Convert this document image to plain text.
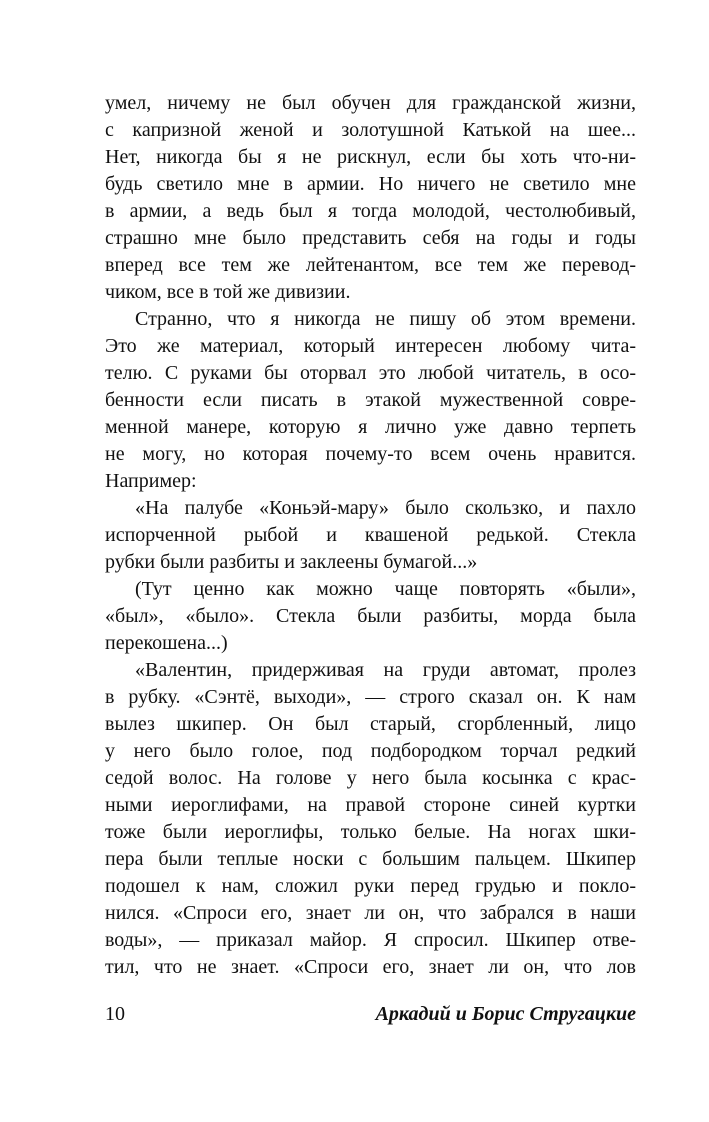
умел, ничему не был обучен для гражданской жизни,
с капризной женой и золотушной Катькой на шее...
Нет, никогда бы я не рискнул, если бы хоть что-ни-
будь светило мне в армии. Но ничего не светило мне
в армии, а ведь был я тогда молодой, честолюбивый,
страшно мне было представить себя на годы и годы
вперед все тем же лейтенантом, все тем же перевод-
чиком, все в той же дивизии.
Странно, что я никогда не пишу об этом времени.
Это же материал, который интересен любому чита-
телю. С руками бы оторвал это любой читатель, в осо-
бенности если писать в этакой мужественной совре-
менной манере, которую я лично уже давно терпеть
не могу, но которая почему-то всем очень нравится.
Например:
«На палубе «Коньэй-мару» было скользко, и пахло
испорченной рыбой и квашеной редькой. Стекла
рубки были разбиты и заклеены бумагой...»
(Тут ценно как можно чаще повторять «были»,
«был», «было». Стекла были разбиты, морда была
перекошена...)
«Валентин, придерживая на груди автомат, пролез
в рубку. «Сэнтё, выходи», — строго сказал он. К нам
вылез шкипер. Он был старый, сгорбленный, лицо
у него было голое, под подбородком торчал редкий
седой волос. На голове у него была косынка с крас-
ными иероглифами, на правой стороне синей куртки
тоже были иероглифы, только белые. На ногах шки-
пера были теплые носки с большим пальцем. Шкипер
подошел к нам, сложил руки перед грудью и покло-
нился. «Спроси его, знает ли он, что забрался в наши
воды», — приказал майор. Я спросил. Шкипер отве-
тил, что не знает. «Спроси его, знает ли он, что лов
10	Аркадий и Борис Стругацкие
